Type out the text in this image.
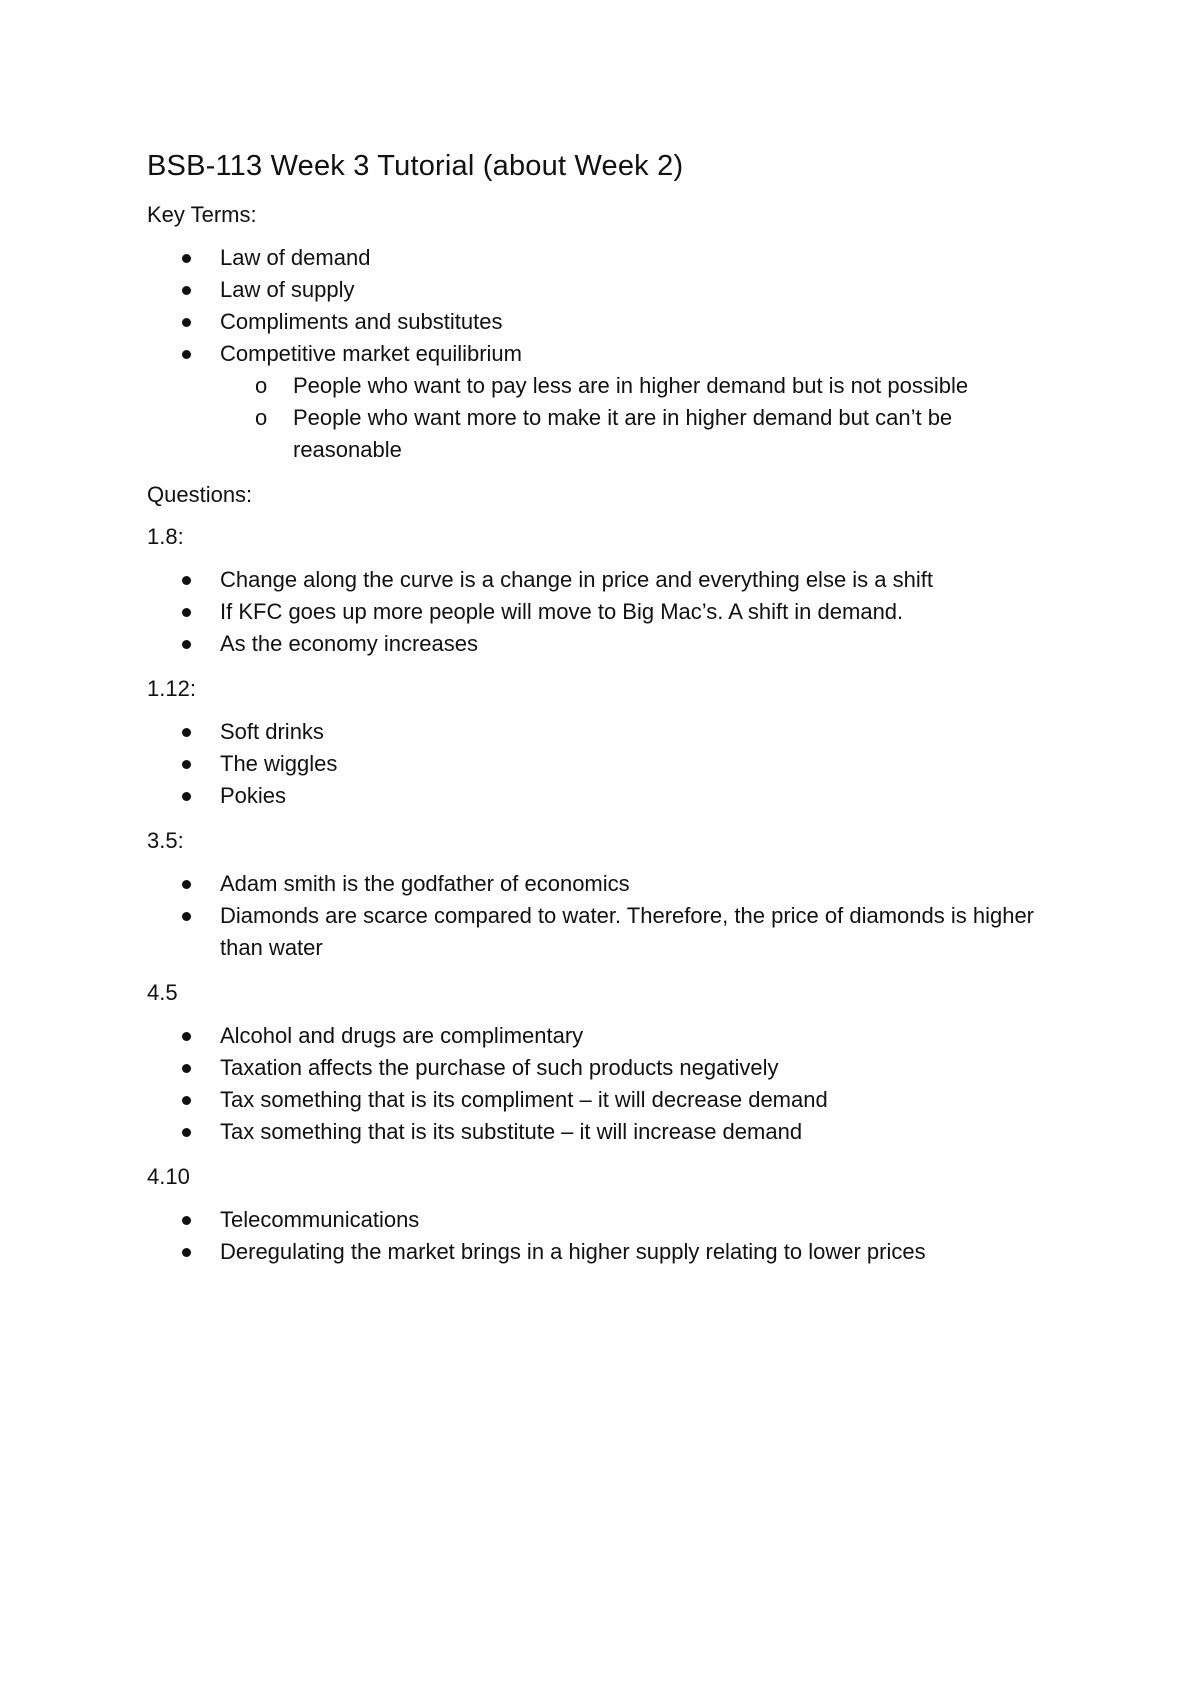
BSB-113 Week 3 Tutorial (about Week 2)
Key Terms:
Law of demand
Law of supply
Compliments and substitutes
Competitive market equilibrium
o People who want to pay less are in higher demand but is not possible
o People who want more to make it are in higher demand but can’t be reasonable
Questions:
1.8:
Change along the curve is a change in price and everything else is a shift
If KFC goes up more people will move to Big Mac’s. A shift in demand.
As the economy increases
1.12:
Soft drinks
The wiggles
Pokies
3.5:
Adam smith is the godfather of economics
Diamonds are scarce compared to water. Therefore, the price of diamonds is higher than water
4.5
Alcohol and drugs are complimentary
Taxation affects the purchase of such products negatively
Tax something that is its compliment – it will decrease demand
Tax something that is its substitute – it will increase demand
4.10
Telecommunications
Deregulating the market brings in a higher supply relating to lower prices
